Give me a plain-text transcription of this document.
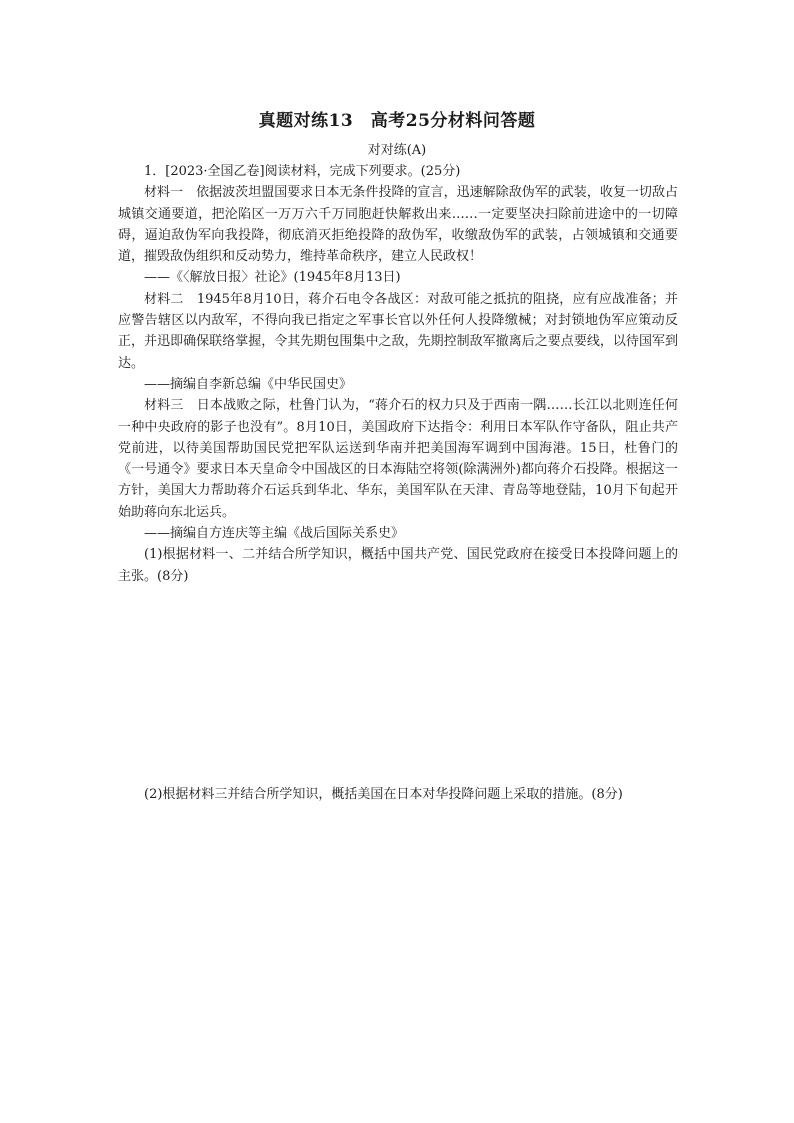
真题对练13　高考25分材料问答题
对对练(A)

1．[2023·全国乙卷]阅读材料，完成下列要求。(25分)

材料一　依据波茨坦盟国要求日本无条件投降的宣言，迅速解除敌伪军的武装，收复一切敌占城镇交通要道，把沦陷区一万万六千万同胞赶快解救出来……一定要坚决扫除前进途中的一切障碍，逼迫敌伪军向我投降，彻底消灭拒绝投降的敌伪军，收缴敌伪军的武装，占领城镇和交通要道，摧毁敌伪组织和反动势力，维持革命秩序，建立人民政权！

——《〈解放日报〉社论》(1945年8月13日)

材料二　1945年8月10日，蒋介石电令各战区：对敌可能之抵抗的阻挠，应有应战准备；并应警告辖区以内敌军，不得向我已指定之军事长官以外任何人投降缴械；对封锁地伪军应策动反正，并迅即确保联络掌握，令其先期包围集中之敌，先期控制敌军撤离后之要点要线，以待国军到达。

——摘编自李新总编《中华民国史》

材料三　日本战败之际，杜鲁门认为，“蒋介石的权力只及于西南一隅……长江以北则连任何一种中央政府的影子也没有”。8月10日，美国政府下达指令：利用日本军队作守备队，阻止共产党前进，以待美国帮助国民党把军队运送到华南并把美国海军调到中国海港。15日，杜鲁门的《一号通令》要求日本天皇命令中国战区的日本海陆空将领(除满洲外)都向蒋介石投降。根据这一方针，美国大力帮助蒋介石运兵到华北、华东，美国军队在天津、青岛等地登陆，10月下旬起开始助蒋向东北运兵。

——摘编自方连庆等主编《战后国际关系史》

(1)根据材料一、二并结合所学知识，概括中国共产党、国民党政府在接受日本投降问题上的主张。(8分)

(2)根据材料三并结合所学知识，概括美国在日本对华投降问题上采取的措施。(8分)
